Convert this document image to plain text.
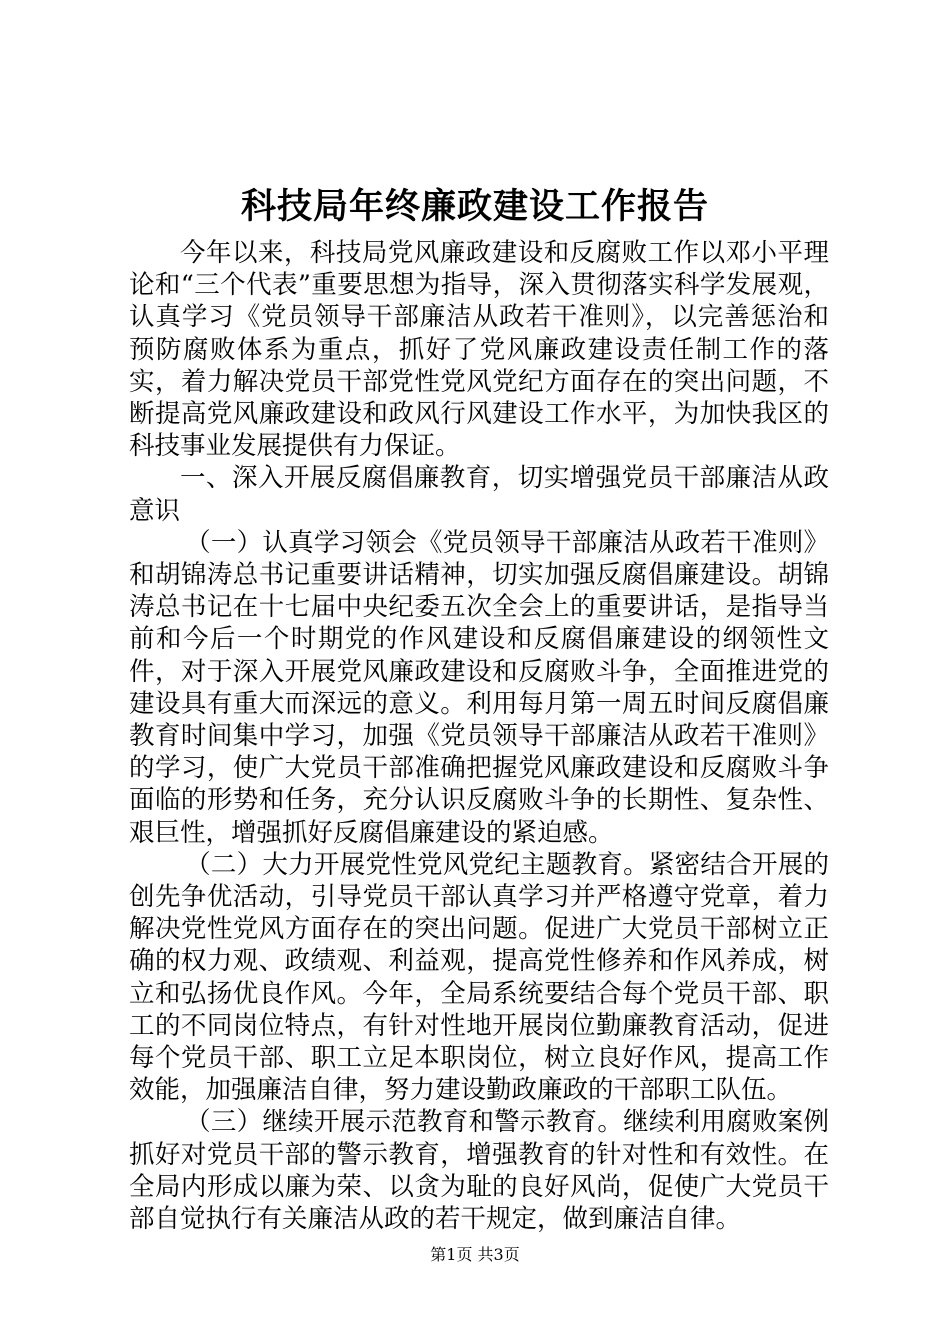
科技局年终廉政建设工作报告

今年以来，科技局党风廉政建设和反腐败工作以邓小平理论和“三个代表”重要思想为指导，深入贯彻落实科学发展观，认真学习《党员领导干部廉洁从政若干准则》，以完善惩治和预防腐败体系为重点，抓好了党风廉政建设责任制工作的落实，着力解决党员干部党性党风党纪方面存在的突出问题，不断提高党风廉政建设和政风行风建设工作水平，为加快我区的科技事业发展提供有力保证。

一、深入开展反腐倡廉教育，切实增强党员干部廉洁从政意识

（一）认真学习领会《党员领导干部廉洁从政若干准则》和胡锦涛总书记重要讲话精神，切实加强反腐倡廉建设。胡锦涛总书记在十七届中央纪委五次全会上的重要讲话，是指导当前和今后一个时期党的作风建设和反腐倡廉建设的纲领性文件，对于深入开展党风廉政建设和反腐败斗争，全面推进党的建设具有重大而深远的意义。利用每月第一周五时间反腐倡廉教育时间集中学习，加强《党员领导干部廉洁从政若干准则》的学习，使广大党员干部准确把握党风廉政建设和反腐败斗争面临的形势和任务，充分认识反腐败斗争的长期性、复杂性、艰巨性，增强抓好反腐倡廉建设的紧迫感。

（二）大力开展党性党风党纪主题教育。紧密结合开展的创先争优活动，引导党员干部认真学习并严格遵守党章，着力解决党性党风方面存在的突出问题。促进广大党员干部树立正确的权力观、政绩观、利益观，提高党性修养和作风养成，树立和弘扬优良作风。今年，全局系统要结合每个党员干部、职工的不同岗位特点，有针对性地开展岗位勤廉教育活动，促进每个党员干部、职工立足本职岗位，树立良好作风，提高工作效能，加强廉洁自律，努力建设勤政廉政的干部职工队伍。

（三）继续开展示范教育和警示教育。继续利用腐败案例抓好对党员干部的警示教育，增强教育的针对性和有效性。在全局内形成以廉为荣、以贪为耻的良好风尚，促使广大党员干部自觉执行有关廉洁从政的若干规定，做到廉洁自律。

第1页 共3页
